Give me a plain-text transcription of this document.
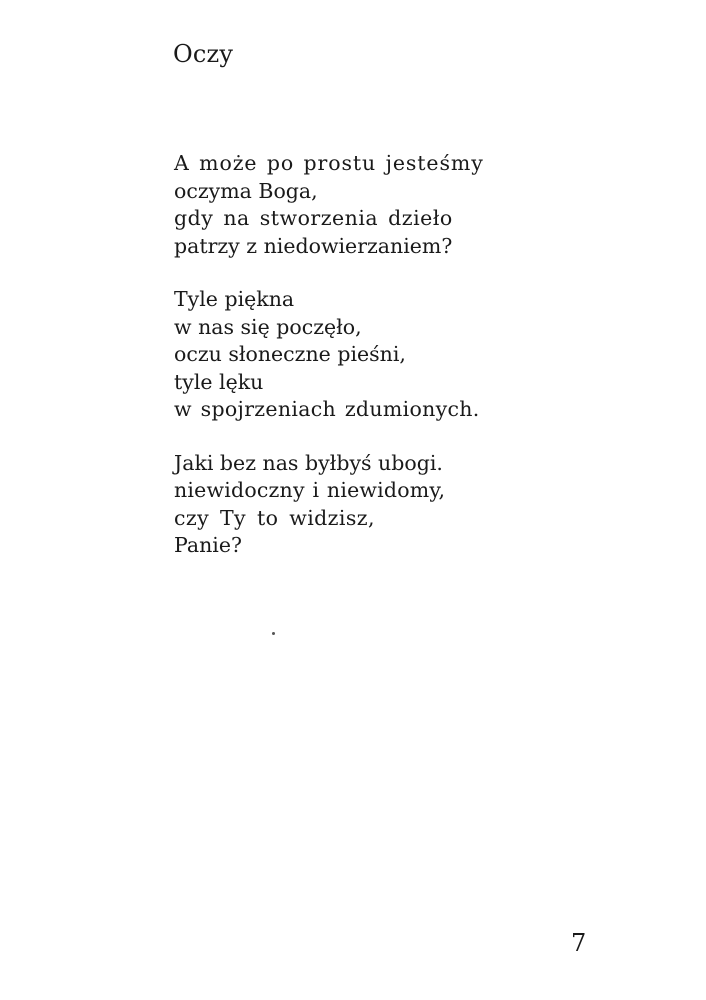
Oczy
A może po prostu jesteśmy
oczyma Boga,
gdy na stworzenia dzieło
patrzy z niedowierzaniem?
Tyle piękna
w nas się poczęło,
oczu słoneczne pieśni,
tyle lęku
w spojrzeniach zdumionych.
Jaki bez nas byłbyś ubogi.
niewidoczny i niewidomy,
czy Ty to widzisz,
Panie?
7
